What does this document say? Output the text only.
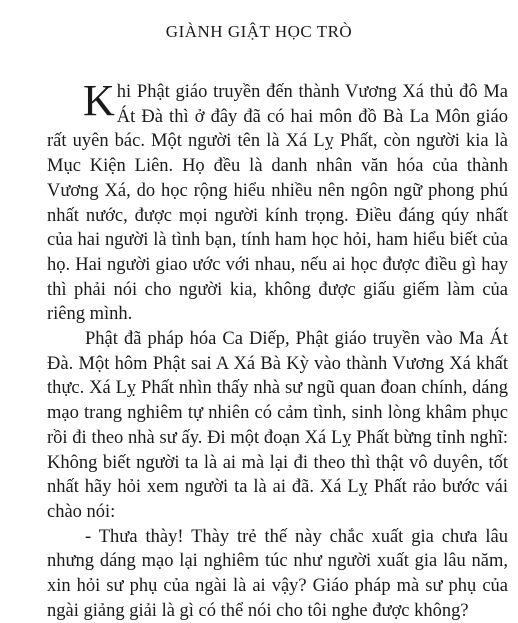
GIÀNH GIẬT HỌC TRÒ

Khi Phật giáo truyền đến thành Vương Xá thủ đô Ma Át Đà thì ở đây đã có hai môn đồ Bà La Môn giáo rất uyên bác. Một người tên là Xá Lỵ Phất, còn người kia là Mục Kiện Liên. Họ đều là danh nhân văn hóa của thành Vương Xá, do học rộng hiểu nhiều nên ngôn ngữ phong phú nhất nước, được mọi người kính trọng. Điều đáng qúy nhất của hai người là tình bạn, tính ham học hỏi, ham hiểu biết của họ. Hai người giao ước với nhau, nếu ai học được điều gì hay thì phải nói cho người kia, không được giấu giếm làm của riêng mình.

Phật đã pháp hóa Ca Diếp, Phật giáo truyền vào Ma Át Đà. Một hôm Phật sai A Xá Bà Kỳ vào thành Vương Xá khất thực. Xá Lỵ Phất nhìn thấy nhà sư ngũ quan đoan chính, dáng mạo trang nghiêm tự nhiên có cảm tình, sinh lòng khâm phục rồi đi theo nhà sư ấy. Đi một đoạn Xá Lỵ Phất bừng tỉnh nghĩ: Không biết người ta là ai mà lại đi theo thì thật vô duyên, tốt nhất hãy hỏi xem người ta là ai đã. Xá Lỵ Phất rảo bước vái chào nói:

- Thưa thày! Thày trẻ thế này chắc xuất gia chưa lâu nhưng dáng mạo lại nghiêm túc như người xuất gia lâu năm, xin hỏi sư phụ của ngài là ai vậy? Giáo pháp mà sư phụ của ngài giảng giải là gì có thể nói cho tôi nghe được không?
